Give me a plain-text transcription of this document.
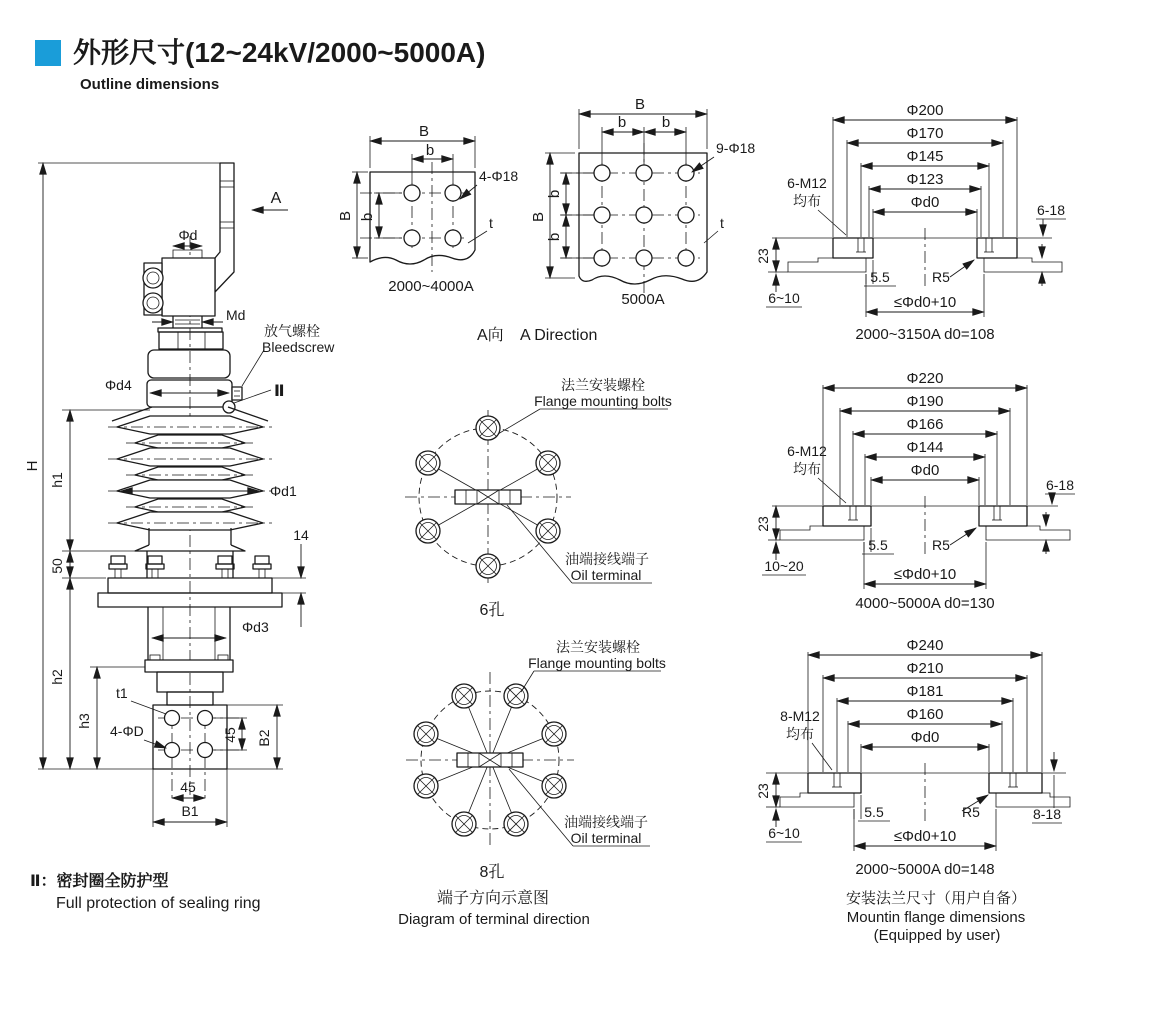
外形尺寸(12~24kV/2000~5000A)
Outline dimensions
H
h1
50
h2
h3
A
Φd
Md
Φd4
放气螺栓
Bleedscrew
Ⅱ
Φd1
14
Φd3
t1
4-ΦD	45 B2
45
B1
Ⅱ：密封圈全防护型
Full protection of sealing ring
B
b
B b
4-Φ18
t
2000~4000A
B
b b
B
b
b
9-Φ18
t
5000A
A向 A Direction
法兰安装螺栓
Flange mounting bolts
油端接线端子
Oil terminal
6孔
法兰安装螺栓
Flange mounting bolts
油端接线端子
Oil terminal
8孔
端子方向示意图
Diagram of terminal direction
Φ200
Φ170
Φ145
Φ123
Φd0
6-M12
均布
6-18
23
6~10
5.5	R5
≤Φd0+10
2000~3150A d0=108
Φ220
Φ190
Φ166
Φ144
Φd0
6-M12
均布
6-18
23
10~20
5.5	R5
≤Φd0+10
4000~5000A d0=130
Φ240
Φ210
Φ181
Φ160
Φd0
8-M12
均布
8-18
23
6~10
5.5	R5
≤Φd0+10
2000~5000A d0=148
安装法兰尺寸（用户自备）
Mountin flange dimensions
(Equipped by user)
